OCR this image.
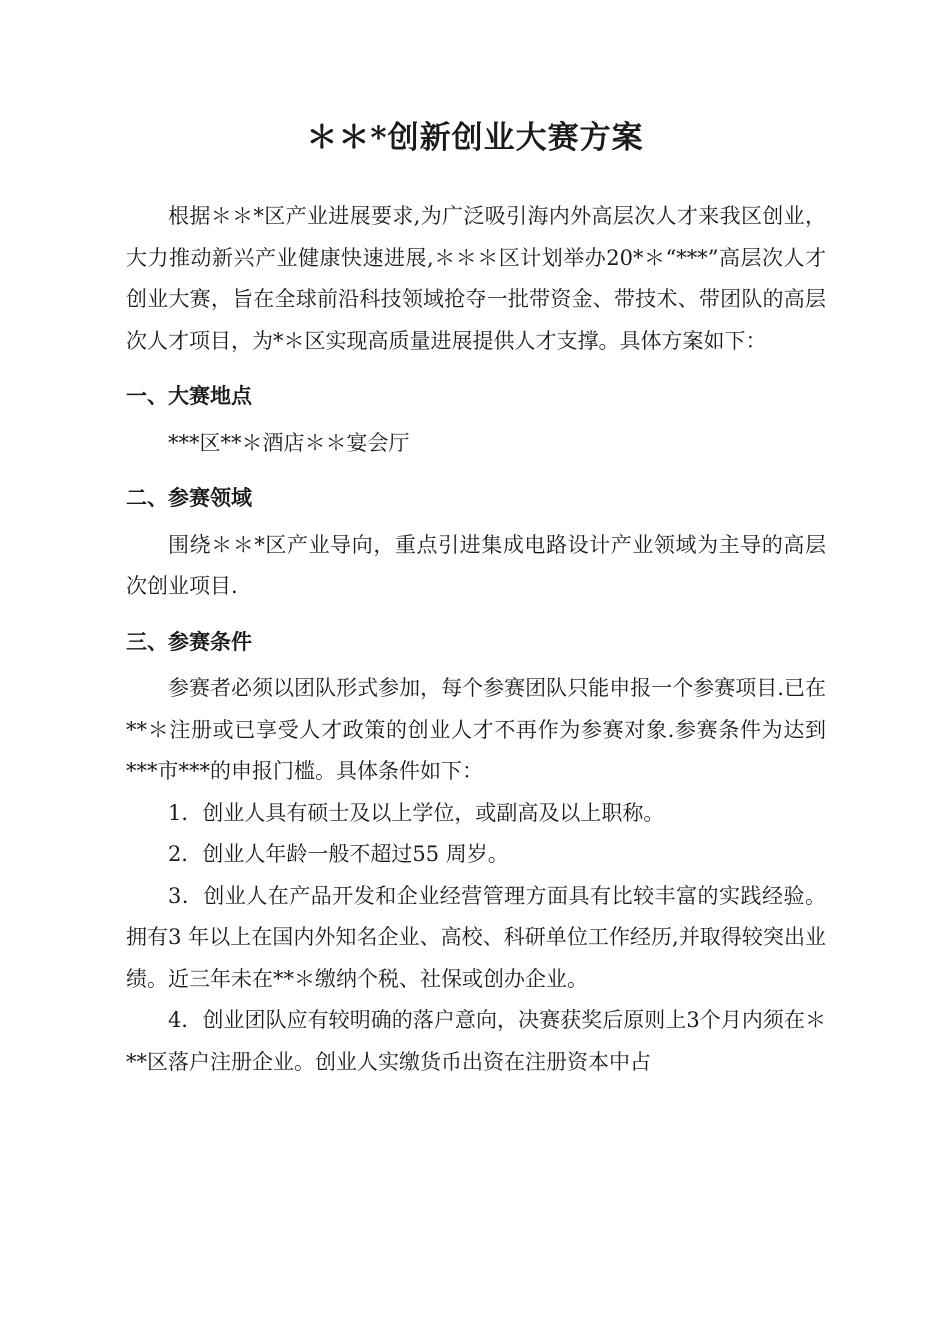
＊＊*创新创业大赛方案

根据＊＊*区产业进展要求,为广泛吸引海内外高层次人才来我区创业，大力推动新兴产业健康快速进展,＊＊＊区计划举办20*＊“***”高层次人才创业大赛，旨在全球前沿科技领域抢夺一批带资金、带技术、带团队的高层次人才项目，为*＊区实现高质量进展提供人才支撑。具体方案如下：

一、大赛地点

***区**＊酒店＊＊宴会厅

二、参赛领域

围绕＊＊*区产业导向，重点引进集成电路设计产业领域为主导的高层次创业项目.

三、参赛条件

参赛者必须以团队形式参加，每个参赛团队只能申报一个参赛项目.已在**＊注册或已享受人才政策的创业人才不再作为参赛对象.参赛条件为达到***市***的申报门槛。具体条件如下：

1．创业人具有硕士及以上学位，或副高及以上职称。

2．创业人年龄一般不超过55 周岁。

3．创业人在产品开发和企业经营管理方面具有比较丰富的实践经验。拥有3 年以上在国内外知名企业、高校、科研单位工作经历,并取得较突出业绩。近三年未在**＊缴纳个税、社保或创办企业。

4．创业团队应有较明确的落户意向，决赛获奖后原则上3个月内须在＊**区落户注册企业。创业人实缴货币出资在注册资本中占
